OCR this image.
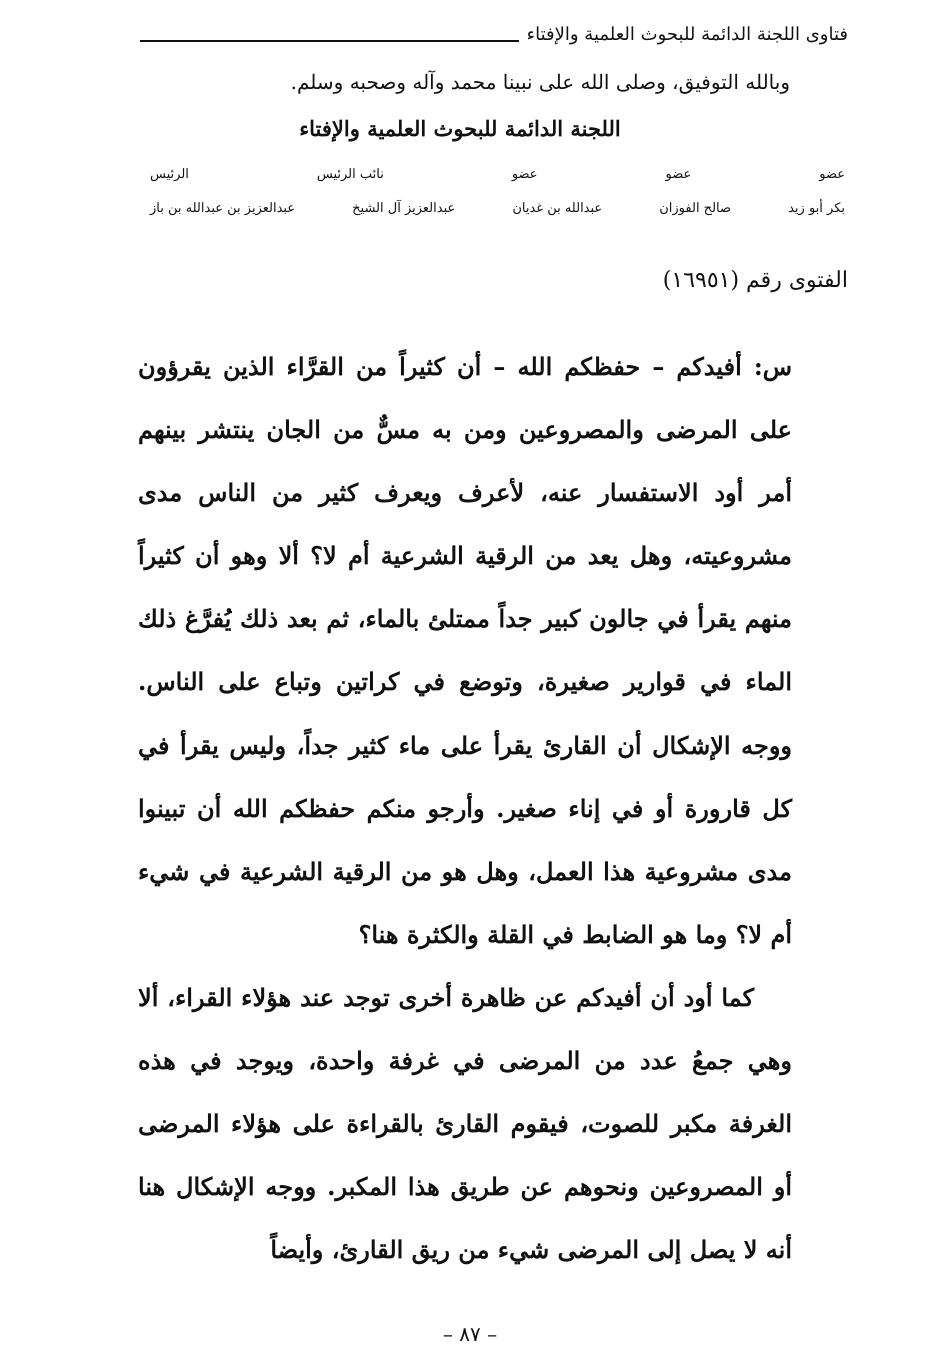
فتاوى اللجنة الدائمة للبحوث العلمية والإفتاء
وبالله التوفيق، وصلى الله على نبينا محمد وآله وصحبه وسلم.
اللجنة الدائمة للبحوث العلمية والإفتاء
عضو
عضو
عضو
نائب الرئيس
الرئيس
بكر أبو زيد
صالح الفوزان
عبدالله بن غديان
عبدالعزيز آل الشيخ
عبدالعزيز بن عبدالله بن باز
الفتوى رقم (١٦٩٥١)

س: أفيدكم – حفظكم الله – أن كثيراً من القرَّاء الذين يقرؤون على المرضى والمصروعين ومن به مسٌّ من الجان ينتشر بينهم أمر أود الاستفسار عنه، لأعرف ويعرف كثير من الناس مدى مشروعيته، وهل يعد من الرقية الشرعية أم لا؟ ألا وهو أن كثيراً منهم يقرأ في جالون كبير جداً ممتلئ بالماء، ثم بعد ذلك يُفرَّغ ذلك الماء في قوارير صغيرة، وتوضع في كراتين وتباع على الناس. ووجه الإشكال أن القارئ يقرأ على ماء كثير جداً، وليس يقرأ في كل قارورة أو في إناء صغير. وأرجو منكم حفظكم الله أن تبينوا مدى مشروعية هذا العمل، وهل هو من الرقية الشرعية في شيء أم لا؟ وما هو الضابط في القلة والكثرة هنا؟

كما أود أن أفيدكم عن ظاهرة أخرى توجد عند هؤلاء القراء، ألا وهي جمعُ عدد من المرضى في غرفة واحدة، ويوجد في هذه الغرفة مكبر للصوت، فيقوم القارئ بالقراءة على هؤلاء المرضى أو المصروعين ونحوهم عن طريق هذا المكبر. ووجه الإشكال هنا أنه لا يصل إلى المرضى شيء من ريق القارئ، وأيضاً

– ٨٧ –
